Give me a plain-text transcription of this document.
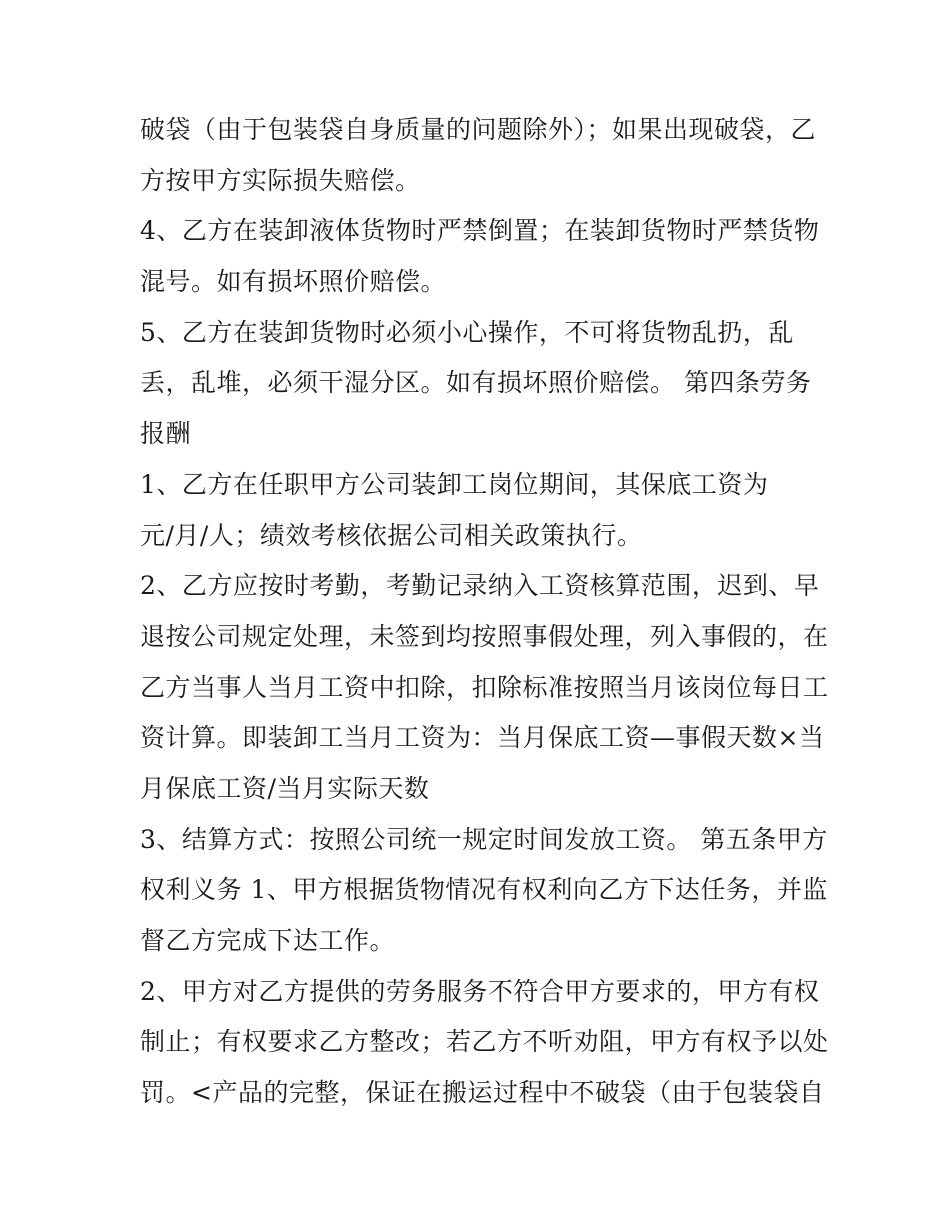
破袋（由于包装袋自身质量的问题除外）；如果出现破袋，乙
方按甲方实际损失赔偿。
4、乙方在装卸液体货物时严禁倒置；在装卸货物时严禁货物
混号。如有损坏照价赔偿。
5、乙方在装卸货物时必须小心操作，不可将货物乱扔，乱
丢，乱堆，必须干湿分区。如有损坏照价赔偿。 第四条劳务
报酬
1、乙方在任职甲方公司装卸工岗位期间，其保底工资为
元/月/人；绩效考核依据公司相关政策执行。
2、乙方应按时考勤，考勤记录纳入工资核算范围，迟到、早
退按公司规定处理，未签到均按照事假处理，列入事假的，在
乙方当事人当月工资中扣除，扣除标准按照当月该岗位每日工
资计算。即装卸工当月工资为：当月保底工资—事假天数×当
月保底工资/当月实际天数
3、结算方式：按照公司统一规定时间发放工资。 第五条甲方
权利义务 1、甲方根据货物情况有权利向乙方下达任务，并监
督乙方完成下达工作。
2、甲方对乙方提供的劳务服务不符合甲方要求的，甲方有权
制止；有权要求乙方整改；若乙方不听劝阻，甲方有权予以处
罚。<产品的完整，保证在搬运过程中不破袋（由于包装袋自
